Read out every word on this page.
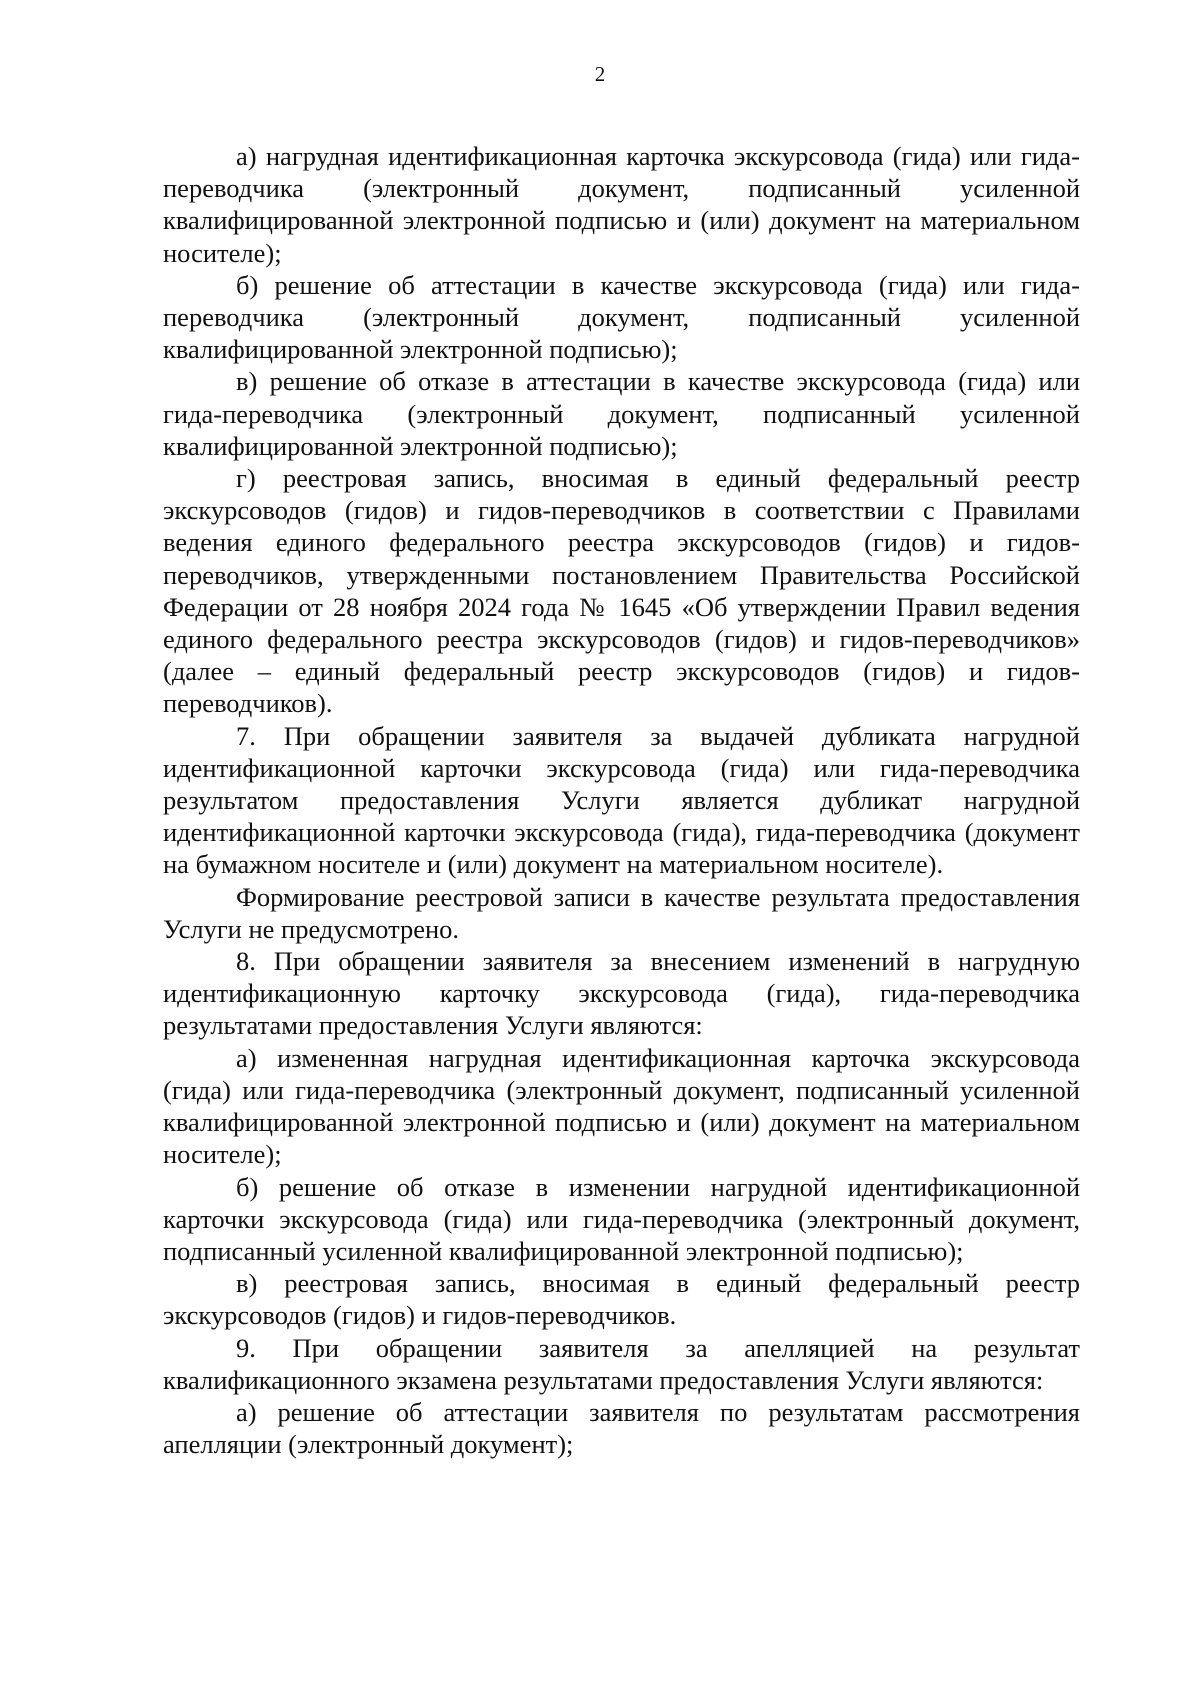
2

а) нагрудная идентификационная карточка экскурсовода (гида) или гида-переводчика (электронный документ, подписанный усиленной квалифицированной электронной подписью и (или) документ на материальном носителе);

б) решение об аттестации в качестве экскурсовода (гида) или гида-переводчика (электронный документ, подписанный усиленной квалифицированной электронной подписью);

в) решение об отказе в аттестации в качестве экскурсовода (гида) или гида-переводчика (электронный документ, подписанный усиленной квалифицированной электронной подписью);

г) реестровая запись, вносимая в единый федеральный реестр экскурсоводов (гидов) и гидов-переводчиков в соответствии с Правилами ведения единого федерального реестра экскурсоводов (гидов) и гидов-переводчиков, утвержденными постановлением Правительства Российской Федерации от 28 ноября 2024 года № 1645 «Об утверждении Правил ведения единого федерального реестра экскурсоводов (гидов) и гидов-переводчиков» (далее – единый федеральный реестр экскурсоводов (гидов) и гидов-переводчиков).

7. При обращении заявителя за выдачей дубликата нагрудной идентификационной карточки экскурсовода (гида) или гида-переводчика результатом предоставления Услуги является дубликат нагрудной идентификационной карточки экскурсовода (гида), гида-переводчика (документ на бумажном носителе и (или) документ на материальном носителе).

Формирование реестровой записи в качестве результата предоставления Услуги не предусмотрено.

8. При обращении заявителя за внесением изменений в нагрудную идентификационную карточку экскурсовода (гида), гида-переводчика результатами предоставления Услуги являются:

а) измененная нагрудная идентификационная карточка экскурсовода (гида) или гида-переводчика (электронный документ, подписанный усиленной квалифицированной электронной подписью и (или) документ на материальном носителе);

б) решение об отказе в изменении нагрудной идентификационной карточки экскурсовода (гида) или гида-переводчика (электронный документ, подписанный усиленной квалифицированной электронной подписью);

в) реестровая запись, вносимая в единый федеральный реестр экскурсоводов (гидов) и гидов-переводчиков.

9. При обращении заявителя за апелляцией на результат квалификационного экзамена результатами предоставления Услуги являются:

а) решение об аттестации заявителя по результатам рассмотрения апелляции (электронный документ);
